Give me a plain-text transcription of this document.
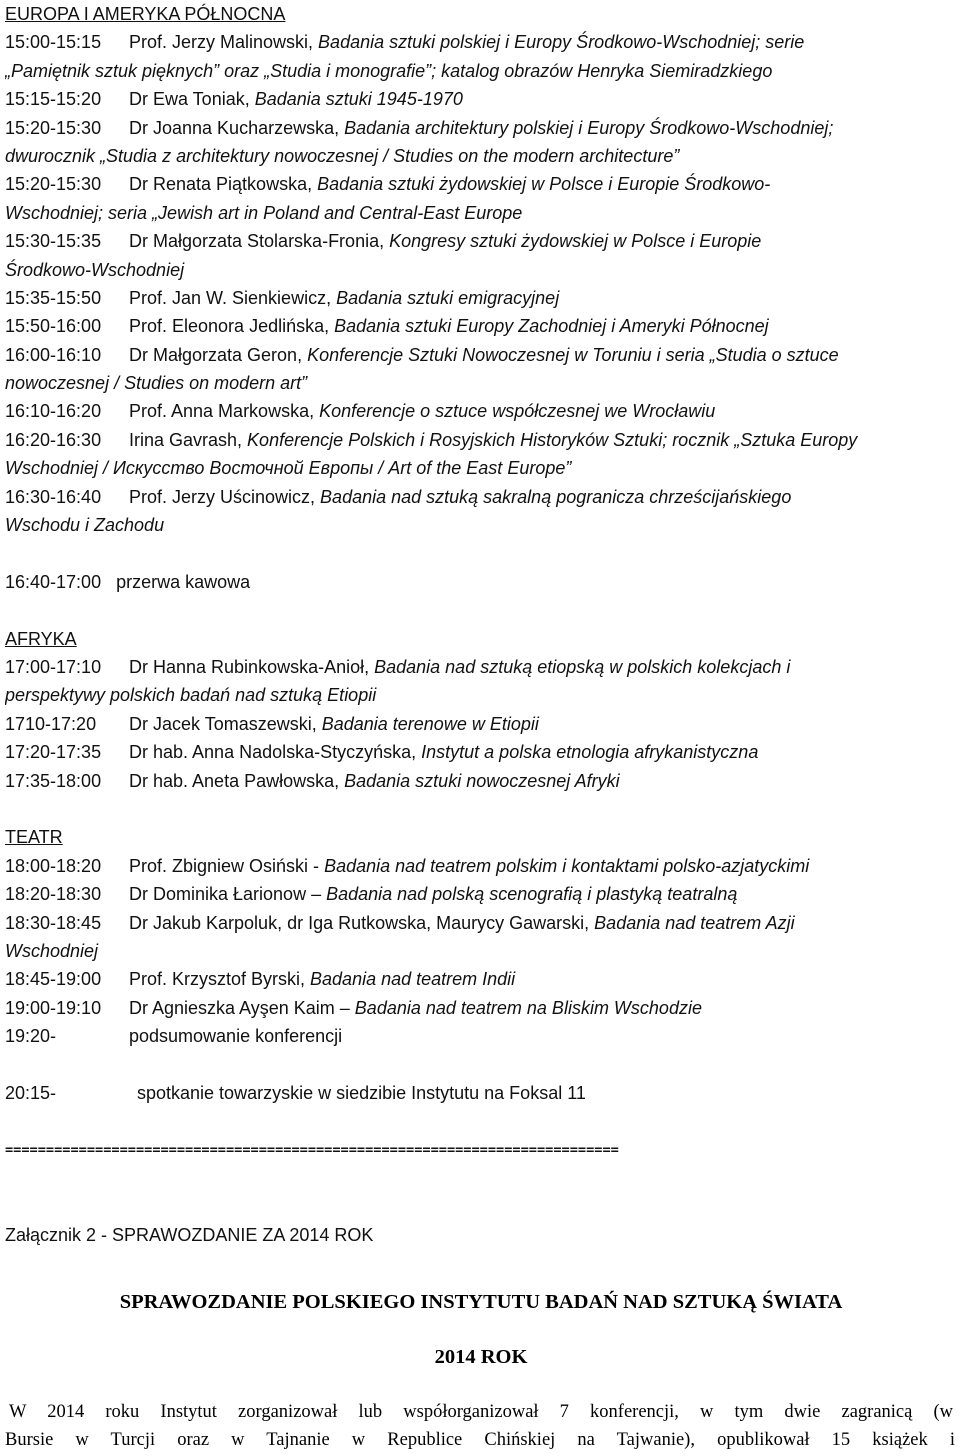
EUROPA I AMERYKA PÓŁNOCNA
15:00-15:15 Prof. Jerzy Malinowski, Badania sztuki polskiej i Europy Środkowo-Wschodniej; serie
„Pamiętnik sztuk pięknych” oraz „Studia i monografie”; katalog obrazów Henryka Siemiradzkiego
15:15-15:20 Dr Ewa Toniak, Badania sztuki 1945-1970
15:20-15:30 Dr Joanna Kucharzewska, Badania architektury polskiej i Europy Środkowo-Wschodniej;
dwurocznik „Studia z architektury nowoczesnej / Studies on the modern architecture”
15:20-15:30 Dr Renata Piątkowska, Badania sztuki żydowskiej w Polsce i Europie Środkowo-
Wschodniej; seria „Jewish art in Poland and Central-East Europe
15:30-15:35 Dr Małgorzata Stolarska-Fronia, Kongresy sztuki żydowskiej w Polsce i Europie
Środkowo-Wschodniej
15:35-15:50 Prof. Jan W. Sienkiewicz, Badania sztuki emigracyjnej
15:50-16:00 Prof. Eleonora Jedlińska, Badania sztuki Europy Zachodniej i Ameryki Północnej
16:00-16:10 Dr Małgorzata Geron, Konferencje Sztuki Nowoczesnej w Toruniu i seria „Studia o sztuce
nowoczesnej / Studies on modern art”
16:10-16:20 Prof. Anna Markowska, Konferencje o sztuce współczesnej we Wrocławiu
16:20-16:30 Irina Gavrash, Konferencje Polskich i Rosyjskich Historyków Sztuki; rocznik „Sztuka Europy
Wschodniej / Искусство Восточной Европы / Art of the East Europe”
16:30-16:40 Prof. Jerzy Uścinowicz, Badania nad sztuką sakralną pogranicza chrześcijańskiego
Wschodu i Zachodu
16:40-17:00 przerwa kawowa
AFRYKA
17:00-17:10 Dr Hanna Rubinkowska-Anioł, Badania nad sztuką etiopską w polskich kolekcjach i
perspektywy polskich badań nad sztuką Etiopii
1710-17:20 Dr Jacek Tomaszewski, Badania terenowe w Etiopii
17:20-17:35 Dr hab. Anna Nadolska-Styczyńska, Instytut a polska etnologia afrykanistyczna
17:35-18:00 Dr hab. Aneta Pawłowska, Badania sztuki nowoczesnej Afryki
TEATR
18:00-18:20 Prof. Zbigniew Osiński - Badania nad teatrem polskim i kontaktami polsko-azjatyckimi
18:20-18:30 Dr Dominika Łarionow – Badania nad polską scenografią i plastyką teatralną
18:30-18:45 Dr Jakub Karpoluk, dr Iga Rutkowska, Maurycy Gawarski, Badania nad teatrem Azji
Wschodniej
18:45-19:00 Prof. Krzysztof Byrski, Badania nad teatrem Indii
19:00-19:10 Dr Agnieszka Ayşen Kaim – Badania nad teatrem na Bliskim Wschodzie
19:20-	podsumowanie konferencji
20:15-	spotkanie towarzyskie w siedzibie Instytutu na Foksal 11
===========================================================================
Załącznik 2 - SPRAWOZDANIE ZA 2014 ROK
SPRAWOZDANIE POLSKIEGO INSTYTUTU BADAŃ NAD SZTUKĄ ŚWIATA
2014 ROK
W 2014 roku Instytut zorganizował lub współorganizował 7 konferencji, w tym dwie zagranicą (w
Bursie w Turcji oraz w Tajnanie w Republice Chińskiej na Tajwanie), opublikował 15 książek i
